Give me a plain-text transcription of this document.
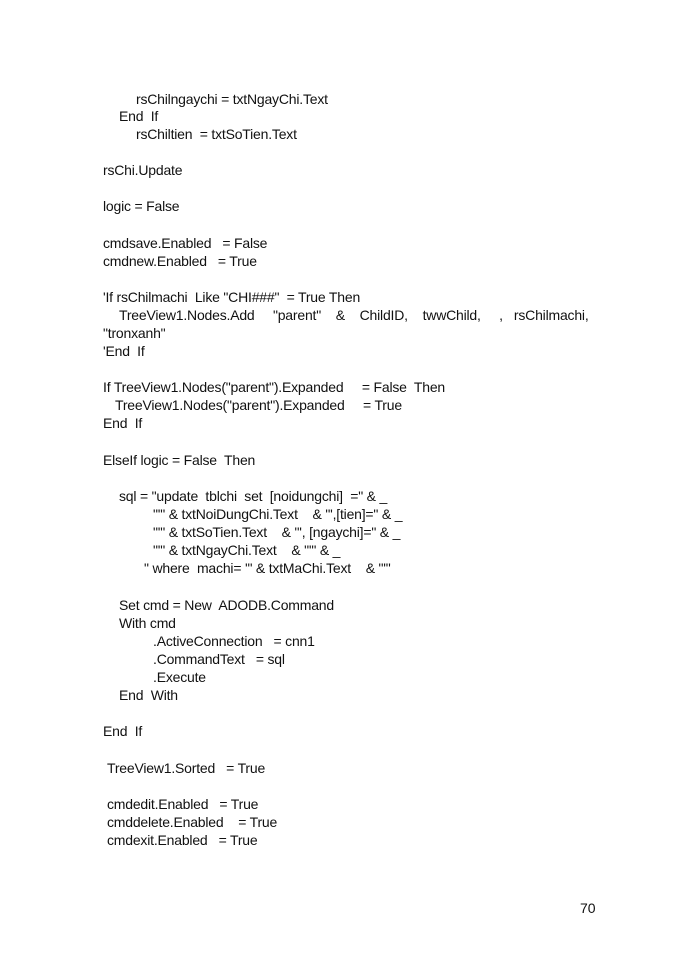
rsChilngaychi = txtNgayChi.Text
End  If
rsChiltien  = txtSoTien.Text
rsChi.Update
logic = False
cmdsave.Enabled   = False
cmdnew.Enabled   = True
'If rsChilmachi  Like "CHI###"  = True Then
TreeView1.Nodes.Add     "parent"    &    ChildID,    twwChild,     ,   rsChilmachi,
"tronxanh"
'End  If
If TreeView1.Nodes("parent").Expanded     = False  Then
TreeView1.Nodes("parent").Expanded     = True
End  If
ElseIf logic = False  Then
sql = "update  tblchi  set  [noidungchi]  =" & _
"'" & txtNoiDungChi.Text    & "',[tien]=" & _
"'" & txtSoTien.Text    & "', [ngaychi]=" & _
"'" & txtNgayChi.Text    & "'" & _
" where  machi= '" & txtMaChi.Text    & "'"
Set cmd = New  ADODB.Command
With cmd
.ActiveConnection   = cnn1
.CommandText   = sql
.Execute
End  With
End  If
TreeView1.Sorted   = True
cmdedit.Enabled   = True
cmddelete.Enabled    = True
cmdexit.Enabled   = True
70
